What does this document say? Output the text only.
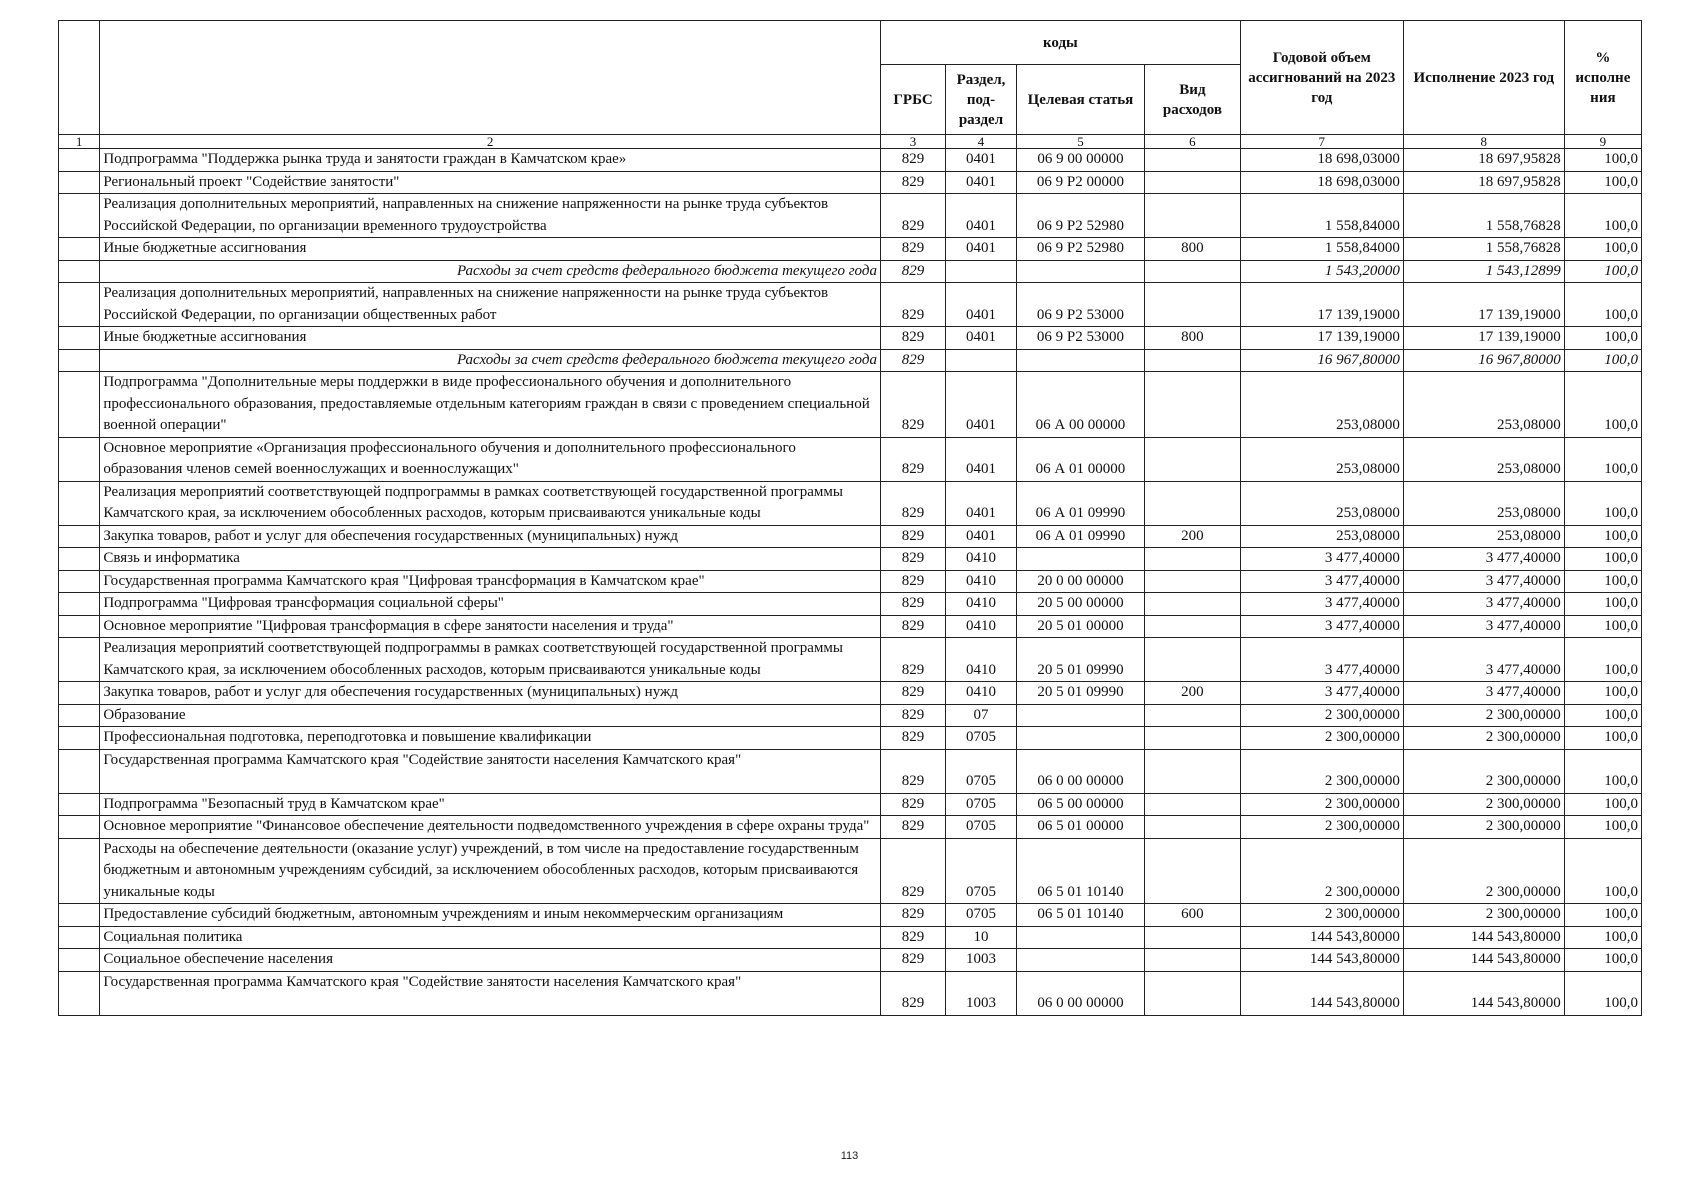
		коды				Годовой объем ассигнований на 2023 год	Исполнение 2023 год	% исполне ния
		ГРБС	Раздел, под-раздел	Целевая статья	Вид расходов			
1	2	3	4	5	6	7	8	9
	Подпрограмма "Поддержка рынка труда и занятости граждан в Камчатском крае»	829	0401	06 9 00 00000		18 698,03000	18 697,95828	100,0
	Региональный проект "Содействие занятости"	829	0401	06 9 Р2 00000		18 698,03000	18 697,95828	100,0
	Реализация дополнительных мероприятий, направленных на снижение напряженности на рынке труда субъектов Российской Федерации, по организации временного трудоустройства	829	0401	06 9 Р2 52980		1 558,84000	1 558,76828	100,0
	Иные бюджетные ассигнования	829	0401	06 9 Р2 52980	800	1 558,84000	1 558,76828	100,0
	Расходы за счет средств федерального бюджета текущего года	829				1 543,20000	1 543,12899	100,0
	Реализация дополнительных мероприятий, направленных на снижение напряженности на рынке труда субъектов Российской Федерации, по организации общественных работ	829	0401	06 9 Р2 53000		17 139,19000	17 139,19000	100,0
	Иные бюджетные ассигнования	829	0401	06 9 Р2 53000	800	17 139,19000	17 139,19000	100,0
	Расходы за счет средств федерального бюджета текущего года	829				16 967,80000	16 967,80000	100,0
	Подпрограмма "Дополнительные меры поддержки в виде профессионального обучения и дополнительного профессионального образования, предоставляемые отдельным категориям граждан в связи с проведением специальной военной операции"	829	0401	06 А 00 00000		253,08000	253,08000	100,0
	Основное мероприятие «Организация профессионального обучения и дополнительного профессионального образования членов семей военнослужащих и военнослужащих"	829	0401	06 А 01 00000		253,08000	253,08000	100,0
	Реализация мероприятий соответствующей подпрограммы в рамках соответствующей государственной программы Камчатского края, за исключением обособленных расходов, которым присваиваются уникальные коды	829	0401	06 А 01 09990		253,08000	253,08000	100,0
	Закупка товаров, работ и услуг для обеспечения государственных (муниципальных) нужд	829	0401	06 А 01 09990	200	253,08000	253,08000	100,0
	Связь и информатика	829	0410			3 477,40000	3 477,40000	100,0
	Государственная программа Камчатского края "Цифровая трансформация в Камчатском крае"	829	0410	20 0 00 00000		3 477,40000	3 477,40000	100,0
	Подпрограмма "Цифровая трансформация социальной сферы"	829	0410	20 5 00 00000		3 477,40000	3 477,40000	100,0
	Основное мероприятие "Цифровая трансформация в сфере занятости населения и труда"	829	0410	20 5 01 00000		3 477,40000	3 477,40000	100,0
	Реализация мероприятий соответствующей подпрограммы в рамках соответствующей государственной программы Камчатского края, за исключением обособленных расходов, которым присваиваются уникальные коды	829	0410	20 5 01 09990		3 477,40000	3 477,40000	100,0
	Закупка товаров, работ и услуг для обеспечения государственных (муниципальных) нужд	829	0410	20 5 01 09990	200	3 477,40000	3 477,40000	100,0
	Образование	829	07			2 300,00000	2 300,00000	100,0
	Профессиональная подготовка, переподготовка и повышение квалификации	829	0705			2 300,00000	2 300,00000	100,0
	Государственная программа Камчатского края "Содействие занятости населения Камчатского края"	829	0705	06 0 00 00000		2 300,00000	2 300,00000	100,0
	Подпрограмма "Безопасный труд в Камчатском крае"	829	0705	06 5 00 00000		2 300,00000	2 300,00000	100,0
	Основное мероприятие "Финансовое обеспечение деятельности подведомственного учреждения в сфере охраны труда"	829	0705	06 5 01 00000		2 300,00000	2 300,00000	100,0
	Расходы на обеспечение деятельности (оказание услуг) учреждений, в том числе на предоставление государственным бюджетным и автономным учреждениям субсидий, за исключением обособленных расходов, которым присваиваются уникальные коды	829	0705	06 5 01 10140		2 300,00000	2 300,00000	100,0
	Предоставление субсидий бюджетным, автономным учреждениям и иным некоммерческим организациям	829	0705	06 5 01 10140	600	2 300,00000	2 300,00000	100,0
	Социальная политика	829	10			144 543,80000	144 543,80000	100,0
	Социальное обеспечение населения	829	1003			144 543,80000	144 543,80000	100,0
	Государственная программа Камчатского края "Содействие занятости населения Камчатского края"	829	1003	06 0 00 00000		144 543,80000	144 543,80000	100,0
113
